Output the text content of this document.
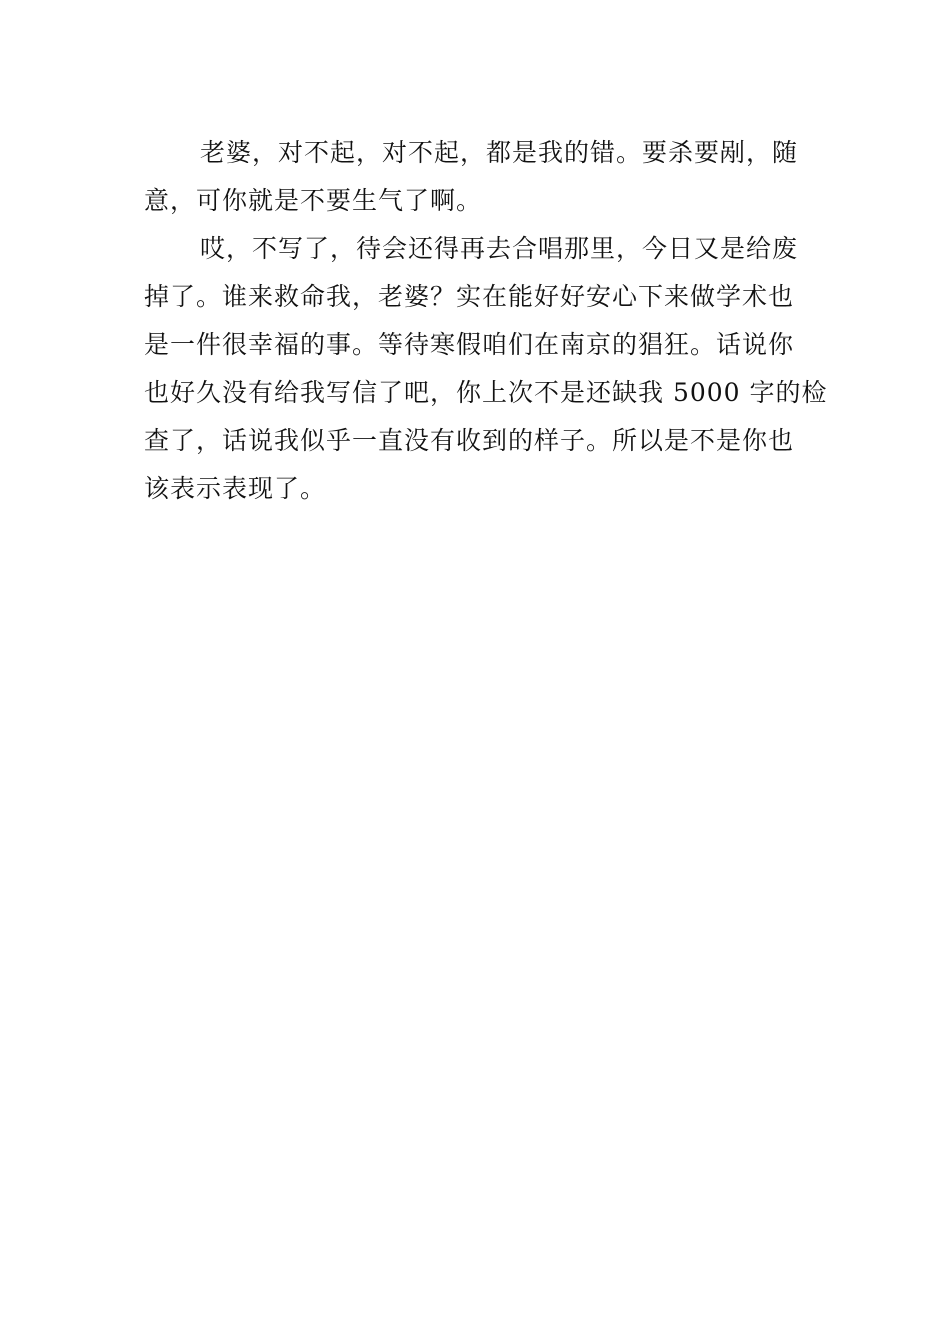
老婆，对不起，对不起，都是我的错。要杀要剐，随
意，可你就是不要生气了啊。
哎，不写了，待会还得再去合唱那里，今日又是给废
掉了。谁来救命我，老婆？实在能好好安心下来做学术也
是一件很幸福的事。等待寒假咱们在南京的猖狂。话说你
也好久没有给我写信了吧，你上次不是还缺我 5000 字的检
查了，话说我似乎一直没有收到的样子。所以是不是你也
该表示表现了。
